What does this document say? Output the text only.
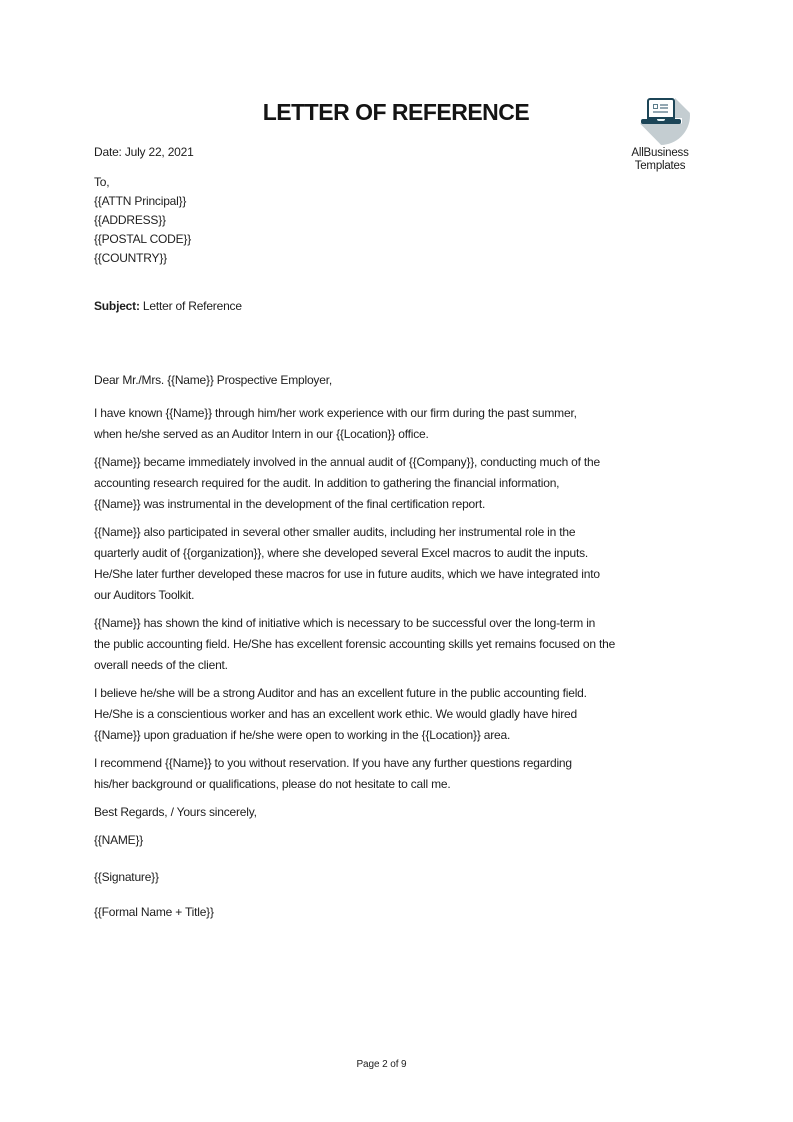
AllBusiness
Templates
LETTER OF REFERENCE
Date: July 22, 2021
To,
{{ATTN Principal}}
{{ADDRESS}}
{{POSTAL CODE}}
{{COUNTRY}}
Subject: Letter of Reference
Dear Mr./Mrs. {{Name}} Prospective Employer,

I have known {{Name}} through him/her work experience with our firm during the past summer,
when he/she served as an Auditor Intern in our {{Location}} office.

{{Name}} became immediately involved in the annual audit of {{Company}}, conducting much of the
accounting research required for the audit. In addition to gathering the financial information,
{{Name}} was instrumental in the development of the final certification report.

{{Name}} also participated in several other smaller audits, including her instrumental role in the
quarterly audit of {{organization}}, where she developed several Excel macros to audit the inputs.
He/She later further developed these macros for use in future audits, which we have integrated into
our Auditors Toolkit.

{{Name}} has shown the kind of initiative which is necessary to be successful over the long-term in
the public accounting field. He/She has excellent forensic accounting skills yet remains focused on the
overall needs of the client.

I believe he/she will be a strong Auditor and has an excellent future in the public accounting field.
He/She is a conscientious worker and has an excellent work ethic. We would gladly have hired
{{Name}} upon graduation if he/she were open to working in the {{Location}} area.

I recommend {{Name}} to you without reservation. If you have any further questions regarding
his/her background or qualifications, please do not hesitate to call me.

Best Regards, / Yours sincerely,
{{NAME}}
{{Signature}}
{{Formal Name + Title}}
Page 2 of 9
